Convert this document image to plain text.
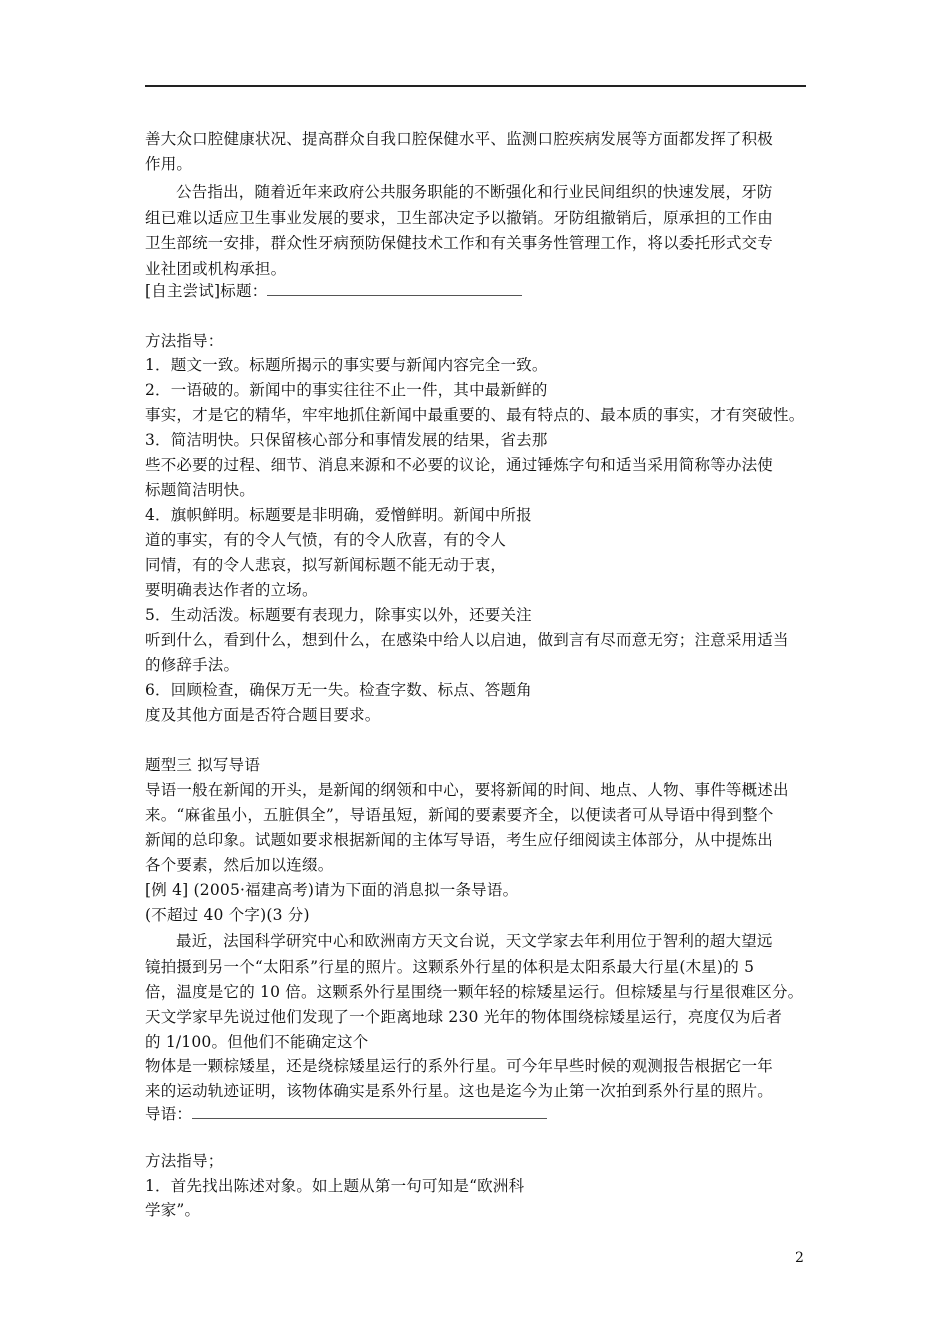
善大众口腔健康状况、提高群众自我口腔保健水平、监测口腔疾病发展等方面都发挥了积极
作用。
公告指出，随着近年来政府公共服务职能的不断强化和行业民间组织的快速发展，牙防
组已难以适应卫生事业发展的要求，卫生部决定予以撤销。牙防组撤销后，原承担的工作由
卫生部统一安排，群众性牙病预防保健技术工作和有关事务性管理工作，将以委托形式交专
业社团或机构承担。
[自主尝试]标题：
方法指导：
1．题文一致。标题所揭示的事实要与新闻内容完全一致。
2．一语破的。新闻中的事实往往不止一件，其中最新鲜的
事实，才是它的精华，牢牢地抓住新闻中最重要的、最有特点的、最本质的事实，才有突破性。
3．简洁明快。只保留核心部分和事情发展的结果，省去那
些不必要的过程、细节、消息来源和不必要的议论，通过锤炼字句和适当采用简称等办法使
标题简洁明快。
4．旗帜鲜明。标题要是非明确，爱憎鲜明。新闻中所报
道的事实，有的令人气愤，有的令人欣喜，有的令人
同情，有的令人悲哀，拟写新闻标题不能无动于衷，
要明确表达作者的立场。
5．生动活泼。标题要有表现力，除事实以外，还要关注
听到什么，看到什么，想到什么，在感染中给人以启迪，做到言有尽而意无穷；注意采用适当
的修辞手法。
6．回顾检查，确保万无一失。检查字数、标点、答题角
度及其他方面是否符合题目要求。
题型三 拟写导语
导语一般在新闻的开头，是新闻的纲领和中心，要将新闻的时间、地点、人物、事件等概述出
来。“麻雀虽小，五脏俱全”，导语虽短，新闻的要素要齐全，以便读者可从导语中得到整个
新闻的总印象。试题如要求根据新闻的主体写导语，考生应仔细阅读主体部分，从中提炼出
各个要素，然后加以连缀。
[例 4] (2005·福建高考)请为下面的消息拟一条导语。
(不超过 40 个字)(3 分)
最近，法国科学研究中心和欧洲南方天文台说，天文学家去年利用位于智利的超大望远
镜拍摄到另一个“太阳系”行星的照片。这颗系外行星的体积是太阳系最大行星(木星)的 5
倍，温度是它的 10 倍。这颗系外行星围绕一颗年轻的棕矮星运行。但棕矮星与行星很难区分。
天文学家早先说过他们发现了一个距离地球 230 光年的物体围绕棕矮星运行，亮度仅为后者
的 1/100。但他们不能确定这个
物体是一颗棕矮星，还是绕棕矮星运行的系外行星。可今年早些时候的观测报告根据它一年
来的运动轨迹证明，该物体确实是系外行星。这也是迄今为止第一次拍到系外行星的照片。
导语：
方法指导；
1．首先找出陈述对象。如上题从第一句可知是“欧洲科
学家”。
2
